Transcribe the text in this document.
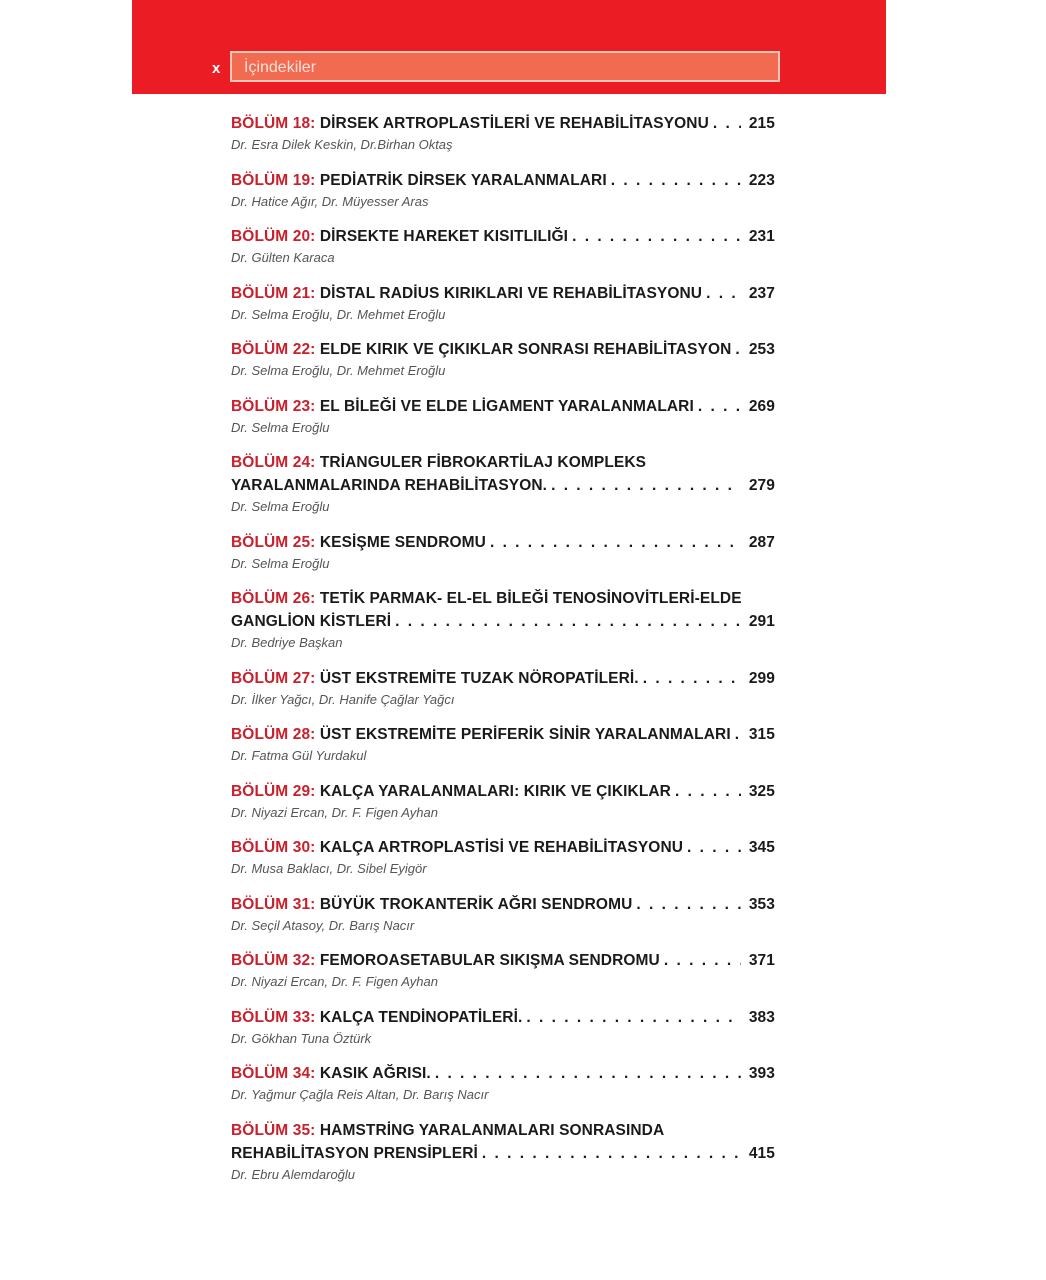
x İçindekiler
BÖLÜM 18:
DİRSEK ARTROPLASTİLERİ VE REHABİLİTASYONU . . .	215
Dr. Esra Dilek Keskin, Dr.Birhan Oktaş
BÖLÜM 19:
PEDİATRİK DİRSEK YARALANMALARI . . .	223
Dr. Hatice Ağır, Dr. Müyesser Aras
BÖLÜM 20:
DİRSEKTE HAREKET KISITLILIĞI . . .	231
Dr. Gülten Karaca
BÖLÜM 21:
DİSTAL RADİUS KIRIKLARI VE REHABİLİTASYONU . . .	237
Dr. Selma Eroğlu, Dr. Mehmet Eroğlu
BÖLÜM 22:
ELDE KIRIK VE ÇIKIKLAR SONRASI REHABİLİTASYON . . . 253
Dr. Selma Eroğlu, Dr. Mehmet Eroğlu
BÖLÜM 23:
EL BİLEĞİ VE ELDE LİGAMENT YARALANMALARI . . .	269
Dr. Selma Eroğlu
BÖLÜM 24:
TRİANGULER FİBROKARTİLAJ KOMPLEKS
YARALANMALARINDA REHABİLİTASYON. . . .	279
Dr. Selma Eroğlu
BÖLÜM 25:
KESİŞME SENDROMU . . .	287
Dr. Selma Eroğlu
BÖLÜM 26:
TETİK PARMAK- EL-EL BİLEĞİ TENOSİNOVİTLERİ-ELDE
GANGLİON KİSTLERİ . . .	291
Dr. Bedriye Başkan
BÖLÜM 27:
ÜST EKSTREMİTE TUZAK NÖROPATİLERİ. . . .	299
Dr. İlker Yağcı, Dr. Hanife Çağlar Yağcı
BÖLÜM 28:
ÜST EKSTREMİTE PERİFERİK SİNİR YARALANMALARI . . . 315
Dr. Fatma Gül Yurdakul
BÖLÜM 29:
KALÇA YARALANMALARI: KIRIK VE ÇIKIKLAR . . .	325
Dr. Niyazi Ercan, Dr. F. Figen Ayhan
BÖLÜM 30:
KALÇA ARTROPLASTİSİ VE REHABİLİTASYONU . . .	345
Dr. Musa Baklacı, Dr. Sibel Eyigör
BÖLÜM 31:
BÜYÜK TROKANTERİK AĞRI SENDROMU . . .	353
Dr. Seçil Atasoy, Dr. Barış Nacır
BÖLÜM 32:
FEMOROASETABULAR SIKIŞMA SENDROMU . . .	371
Dr. Niyazi Ercan, Dr. F. Figen Ayhan
BÖLÜM 33:
KALÇA TENDİNOPATİLERİ. . . .	383
Dr. Gökhan Tuna Öztürk
BÖLÜM 34:
KASIK AĞRISI. . . .	393
Dr. Yağmur Çağla Reis Altan, Dr. Barış Nacır
BÖLÜM 35:
HAMSTRİNG YARALANMALARI SONRASINDA
REHABİLİTASYON PRENSİPLERİ . . .	415
Dr. Ebru Alemdaroğlu
